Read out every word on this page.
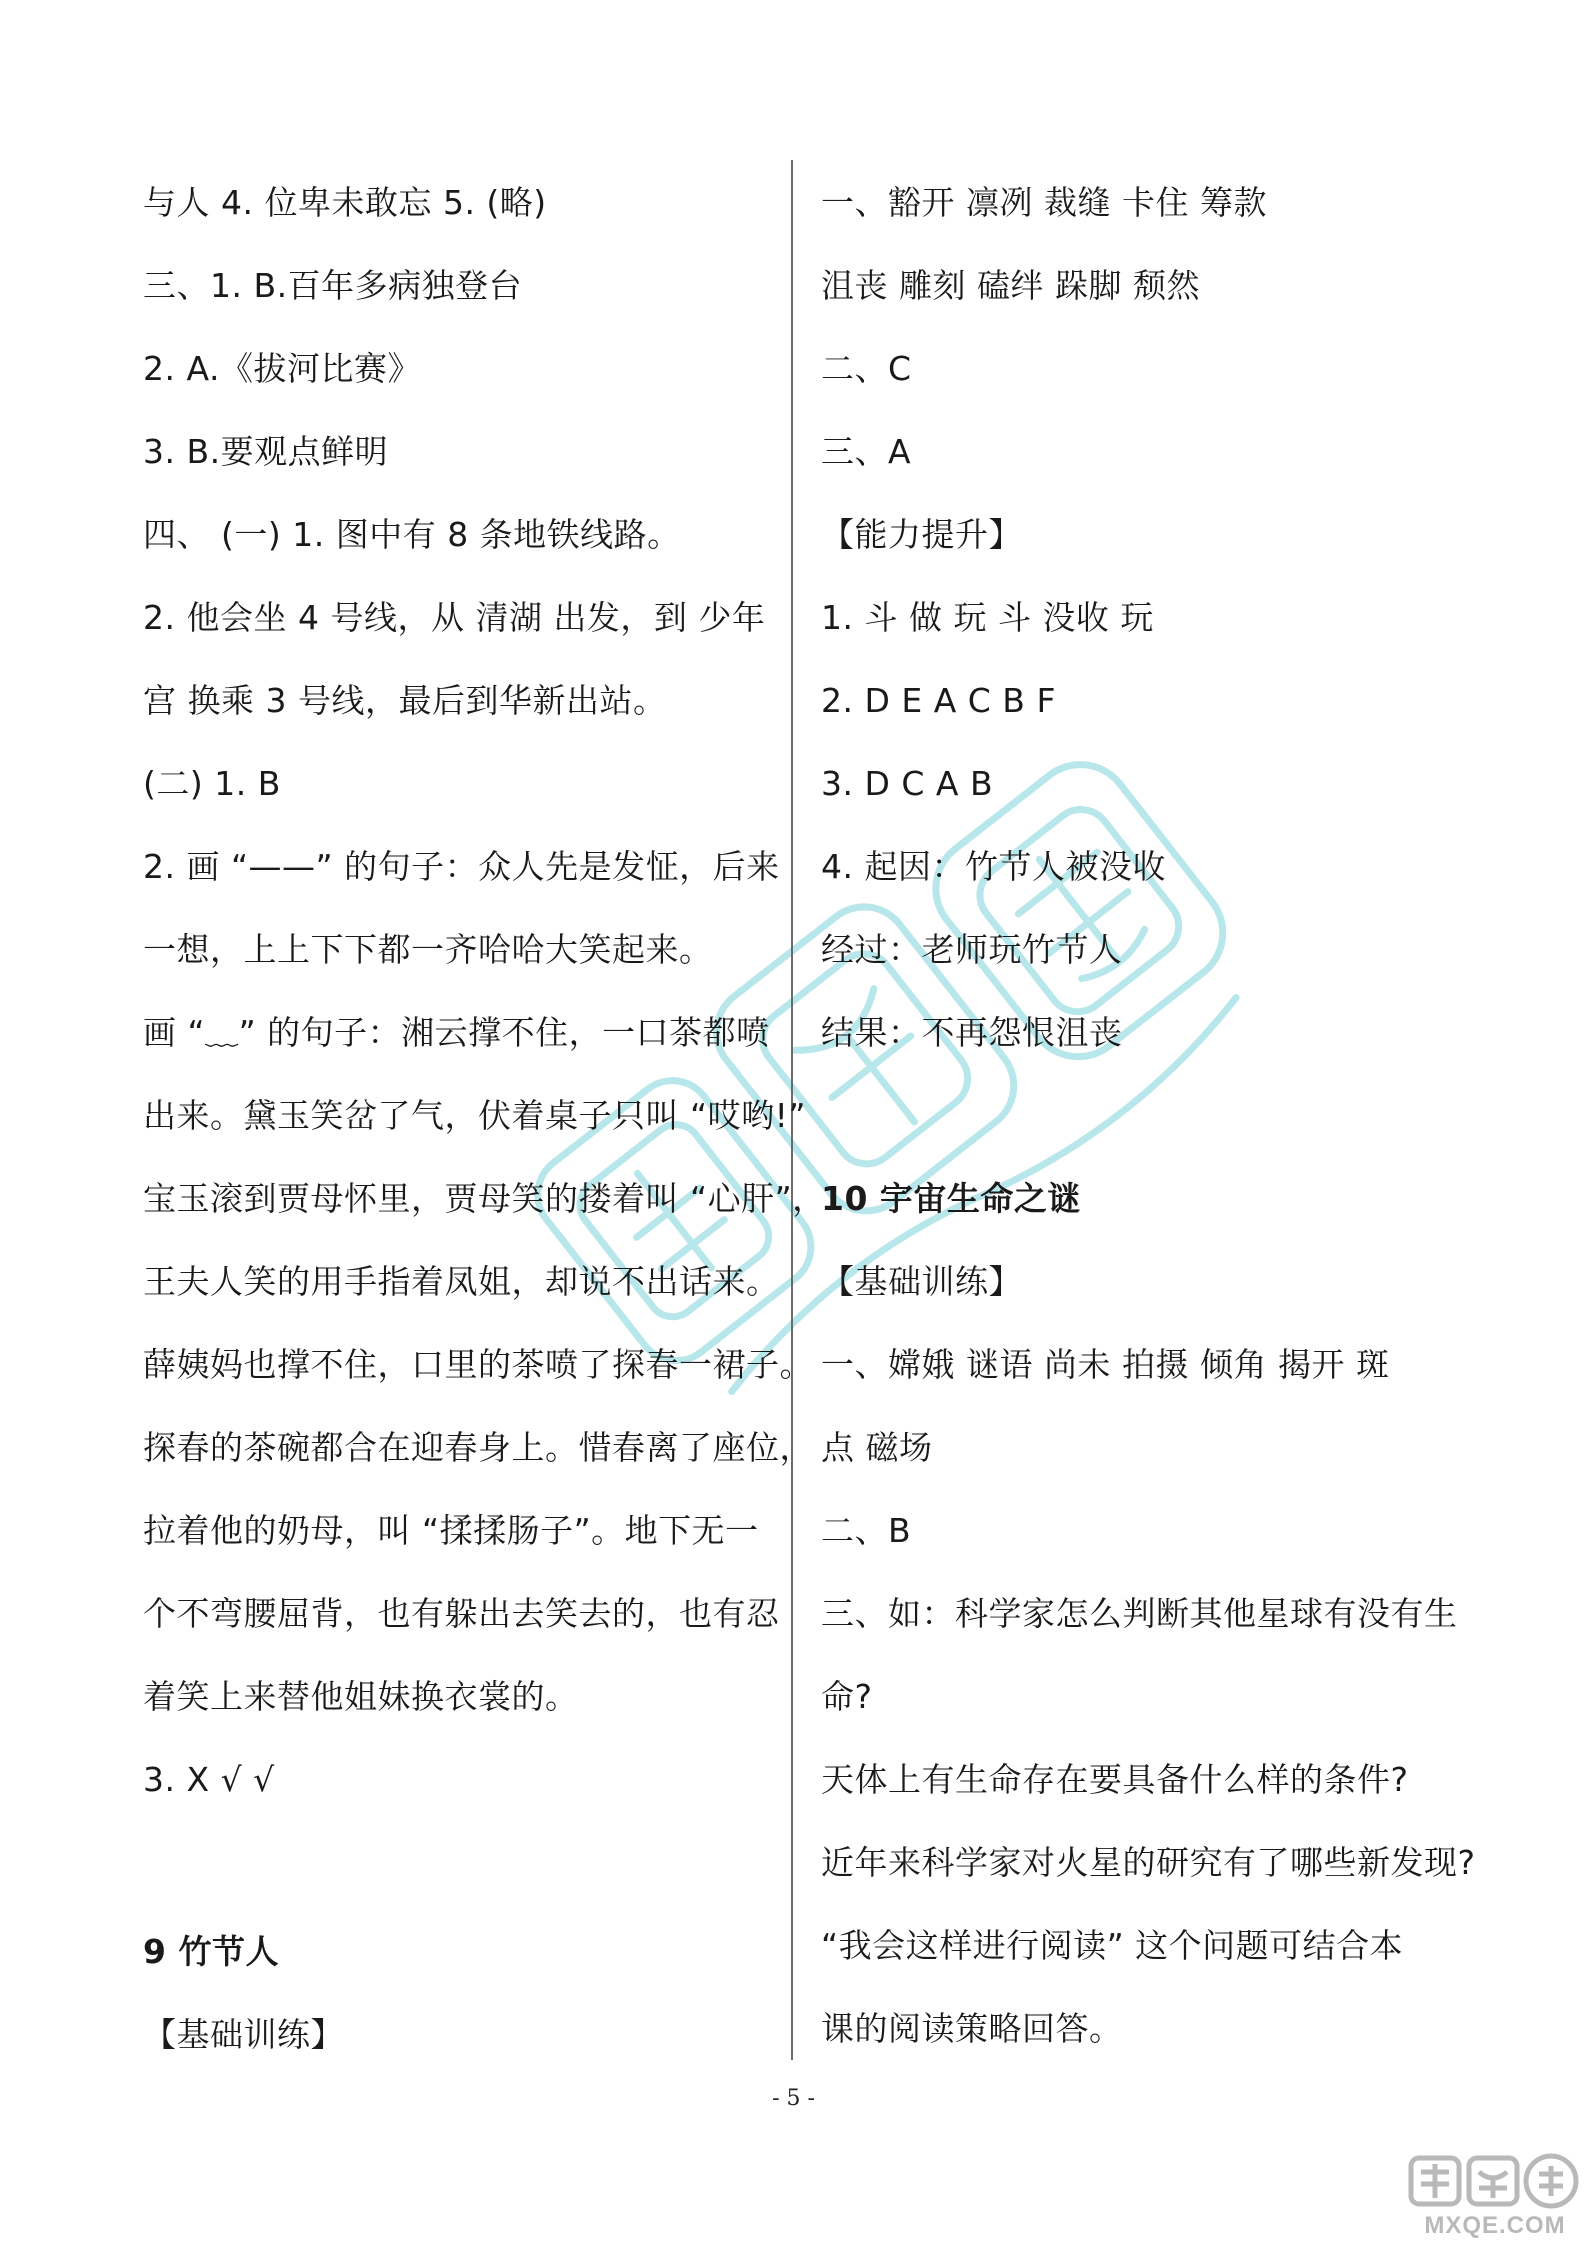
与人 4. 位卑未敢忘 5. (略)
三、1. B.百年多病独登台
2. A.《拔河比赛》
3. B.要观点鲜明
四、 (一) 1. 图中有 8 条地铁线路。
2. 他会坐 4 号线，从 清湖 出发，到 少年
宫 换乘 3 号线，最后到华新出站。
(二) 1. B
2. 画 “——” 的句子：众人先是发怔，后来
一想，上上下下都一齐哈哈大笑起来。
画 “﹏” 的句子：湘云撑不住，一口茶都喷
出来。黛玉笑岔了气，伏着桌子只叫 “哎哟!”
宝玉滚到贾母怀里，贾母笑的搂着叫 “心肝”，
王夫人笑的用手指着凤姐，却说不出话来。
薛姨妈也撑不住，口里的茶喷了探春一裙子。
探春的茶碗都合在迎春身上。惜春离了座位，
拉着他的奶母，叫 “揉揉肠子”。地下无一
个不弯腰屈背，也有躲出去笑去的，也有忍
着笑上来替他姐妹换衣裳的。
3. X √ √
9 竹节人
【基础训练】
一、豁开 凛冽 裁缝 卡住 筹款
沮丧 雕刻 磕绊 跺脚 颓然
二、C
三、A
【能力提升】
1. 斗 做 玩 斗 没收 玩
2. D E A C B F
3. D C A B
4. 起因：竹节人被没收
经过：老师玩竹节人
结果：不再怨恨沮丧
10 宇宙生命之谜
【基础训练】
一、嫦娥 谜语 尚未 拍摄 倾角 揭开 斑
点 磁场
二、B
三、如：科学家怎么判断其他星球有没有生
命?
天体上有生命存在要具备什么样的条件?
近年来科学家对火星的研究有了哪些新发现?
“我会这样进行阅读” 这个问题可结合本
课的阅读策略回答。
- 5 -
MXQE.COM
